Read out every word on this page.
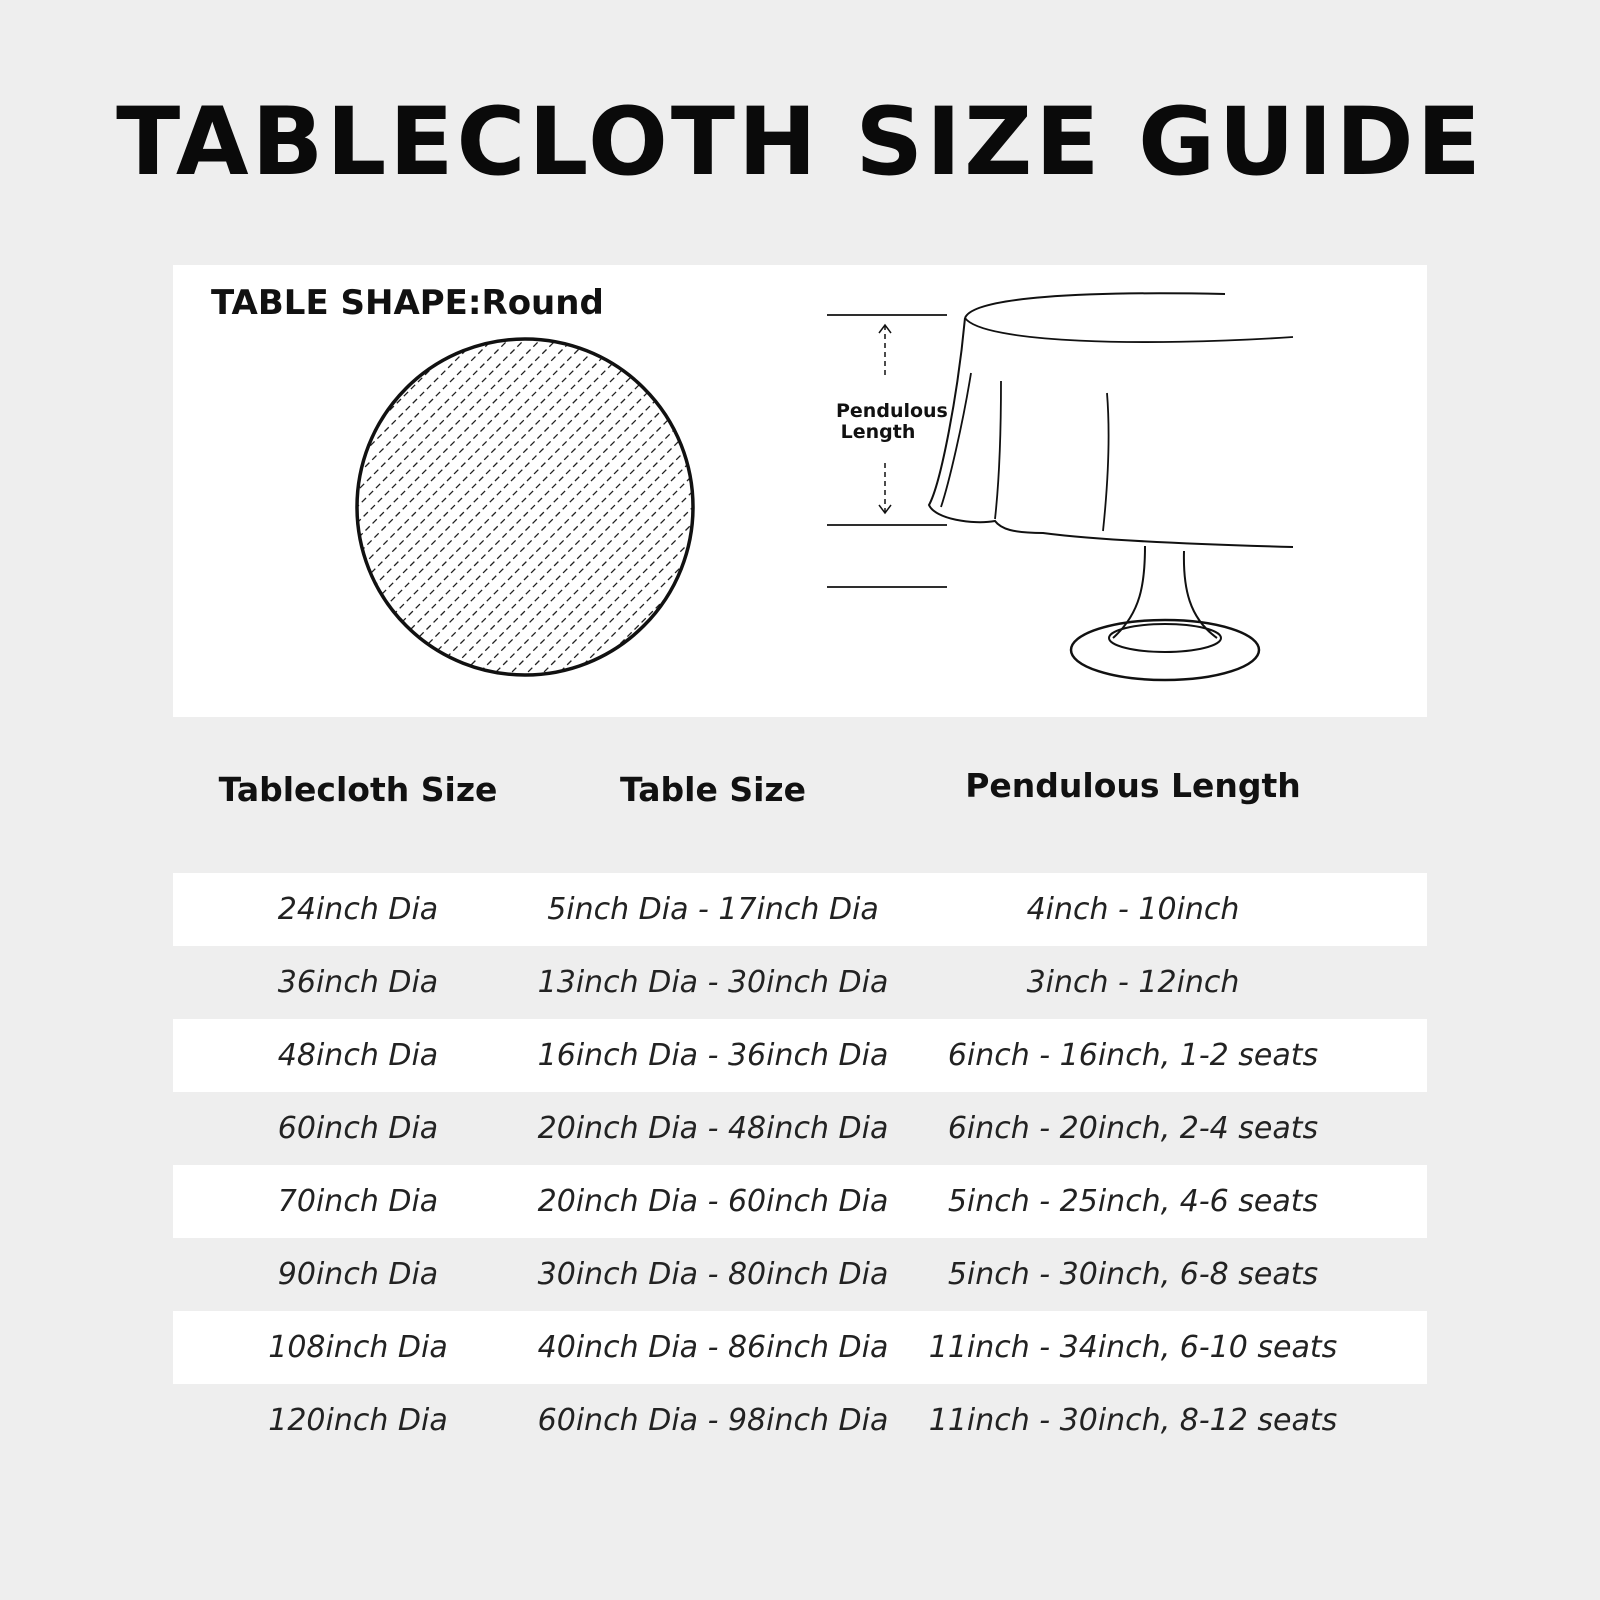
TABLECLOTH SIZE GUIDE
TABLE SHAPE:Round
Pendulous
Length
Tablecloth Size	Table Size	Pendulous Length
24inch Dia	5inch Dia - 17inch Dia	4inch - 10inch
36inch Dia	13inch Dia - 30inch Dia	3inch - 12inch
48inch Dia	16inch Dia - 36inch Dia	6inch - 16inch, 1-2 seats
60inch Dia	20inch Dia - 48inch Dia	6inch - 20inch, 2-4 seats
70inch Dia	20inch Dia - 60inch Dia	5inch - 25inch, 4-6 seats
90inch Dia	30inch Dia - 80inch Dia	5inch - 30inch, 6-8 seats
108inch Dia	40inch Dia - 86inch Dia	11inch - 34inch, 6-10 seats
120inch Dia	60inch Dia - 98inch Dia	11inch - 30inch, 8-12 seats
